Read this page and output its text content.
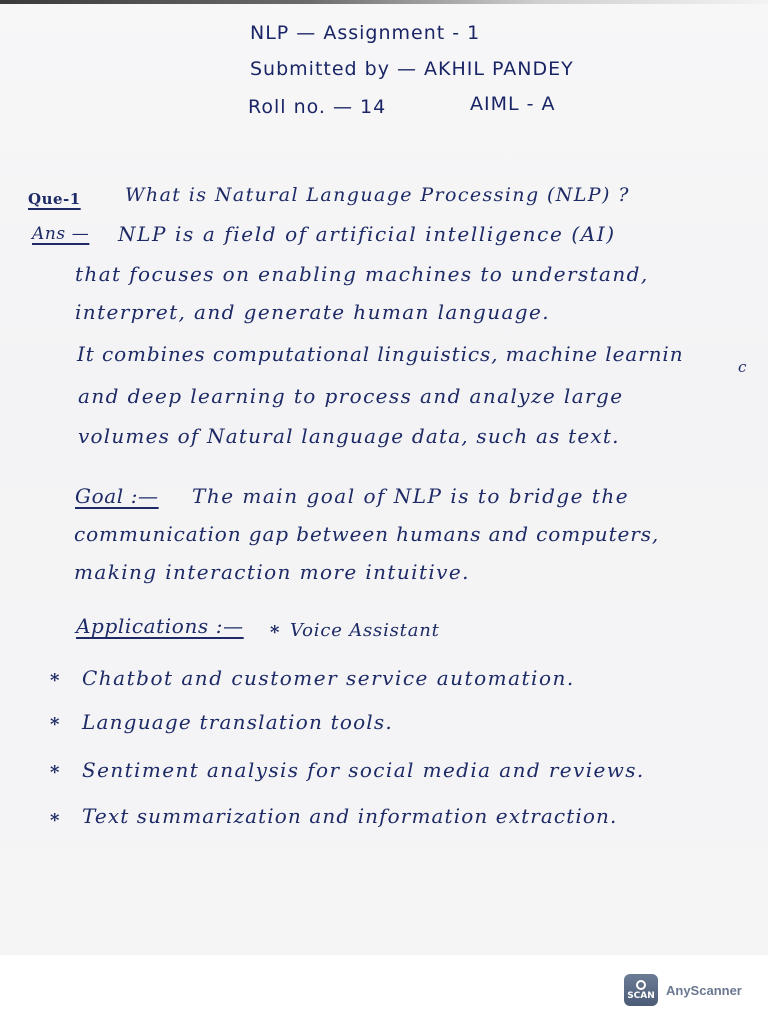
NLP — Assignment - 1
Submitted by — AKHIL PANDEY
Roll no. — 14	AIML - A
Que-1 What is Natural Language Processing (NLP) ?
Ans — NLP is a field of artificial intelligence (AI)
that focuses on enabling machines to understand,
interpret, and generate human language.
It combines computational linguistics, machine learnin
c
and deep learning to process and analyze large
volumes of Natural language data, such as text.
Goal :— The main goal of NLP is to bridge the
communication gap between humans and computers,
making interaction more intuitive.
Applications :— * Voice Assistant
* Chatbot and customer service automation.
* Language translation tools.
* Sentiment analysis for social media and reviews.
* Text summarization and information extraction.
SCAN AnyScanner
